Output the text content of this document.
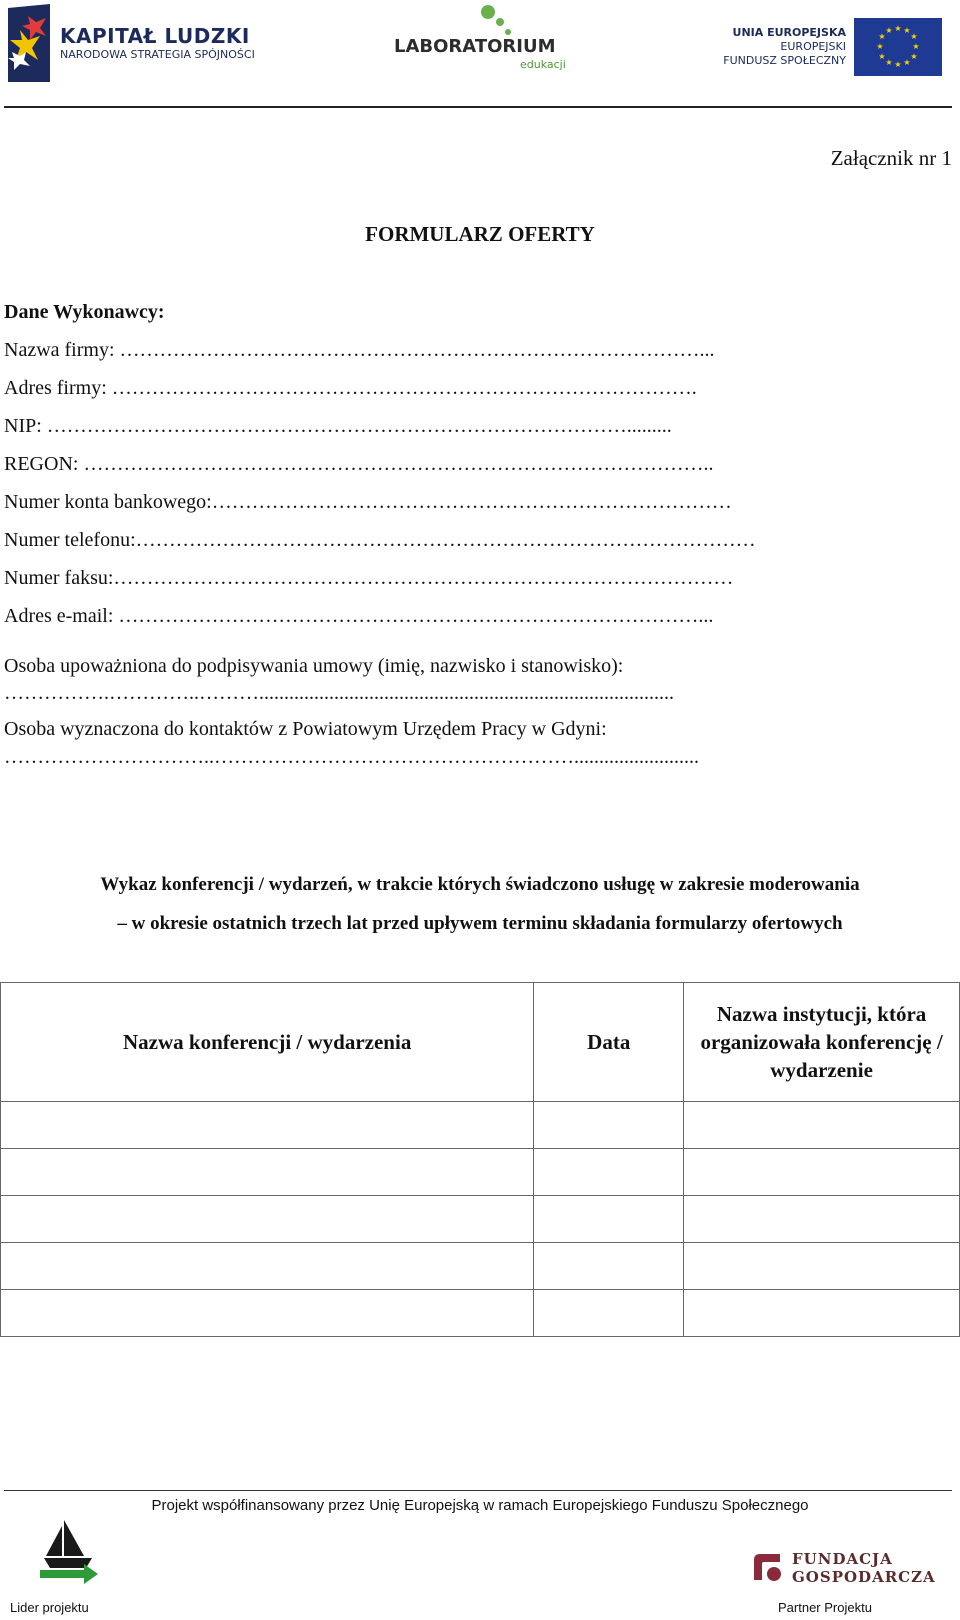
KAPITAŁ LUDZKI
NARODOWA STRATEGIA SPÓJNOŚCI	LABORATORIUM
edukacji
UNIA EUROPEJSKA
EUROPEJSKI
FUNDUSZ SPOŁECZNY
★ ★
★
★
★
★
★
★
★
★
★
★
Załącznik nr 1
FORMULARZ OFERTY
Dane Wykonawcy:
Nazwa firmy: ……………………………………………………………………………...
Adres firmy: …………………………………………………………………………….
NIP: …………………………………………………………………………….........
REGON: …………………………………………………………………………………..
Numer konta bankowego:……………………………………………………………………
Numer telefonu:…………………………………………………………………………………
Numer faksu:…………………………………………………………………………………
Adres e-mail: ……………………………………………………………………………...
Osoba upoważniona do podpisywania umowy (imię, nazwisko i stanowisko):
…………….…………..………...................................................................................
Osoba wyznaczona do kontaktów z Powiatowym Urzędem Pracy w Gdyni:
…………………………..……………………………………………….........................
Wykaz konferencji / wydarzeń, w trakcie których świadczono usługę w zakresie moderowania
– w okresie ostatnich trzech lat przed upływem terminu składania formularzy ofertowych
Nazwa konferencji / wydarzenia	Data	Nazwa instytucji, która organizowała konferencję / wydarzenie

Projekt współfinansowany przez Unię Europejską w ramach Europejskiego Funduszu Społecznego
Lider projektu
FUNDACJA
GOSPODARCZA
Partner Projektu
